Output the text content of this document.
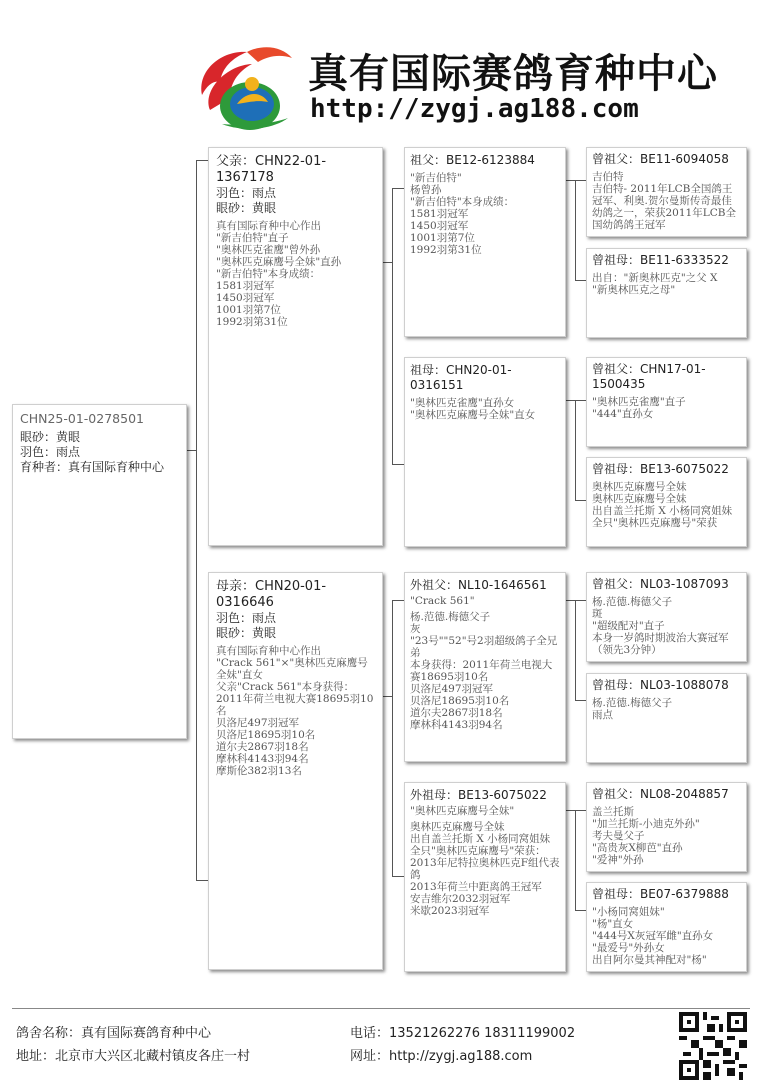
真有国际赛鸽育种中心
http://zygj.ag188.com
CHN25-01-0278501
眼砂：黄眼
羽色：雨点
育种者：真有国际育种中心
父亲：CHN22-01-1367178
羽色：雨点
眼砂：黄眼
真有国际育种中心作出
"新吉伯特"直子
"奥林匹克雀鹰"曾外孙
"奥林匹克麻鹰号全妹"直孙
"新吉伯特"本身成绩：
1581羽冠军
1450羽冠军
1001羽第7位
1992羽第31位
母亲：CHN20-01-0316646
羽色：雨点
眼砂：黄眼
真有国际育种中心作出
"Crack 561"×"奥林匹克麻鹰号全妹"直女
父亲"Crack 561"本身获得：
2011年荷兰电视大赛18695羽10名
贝洛尼497羽冠军
贝洛尼18695羽10名
道尔夫2867羽18名
摩林科4143羽94名
摩斯伦382羽13名
祖父：BE12-6123884
"新吉伯特"
杨曾孙
"新吉伯特"本身成绩：
1581羽冠军
1450羽冠军
1001羽第7位
1992羽第31位
祖母：CHN20-01-0316151
"奥林匹克雀鹰"直孙女
"奥林匹克麻鹰号全妹"直女
外祖父：NL10-1646561
"Crack 561"
杨.范德.梅德父子
灰
"23号""52"号2羽超级鸽子全兄弟
本身获得：2011年荷兰电视大赛18695羽10名
贝洛尼497羽冠军
贝洛尼18695羽10名
道尔夫2867羽18名
摩林科4143羽94名
外祖母：BE13-6075022
"奥林匹克麻鹰号全妹"
奥林匹克麻鹰号全妹
出自盖兰托斯 X 小杨同窝姐妹
全只"奥林匹克麻鹰号"荣获：
2013年尼特拉奥林匹克F组代表鸽
2013年荷兰中距离鸽王冠军
安吉维尔2032羽冠军
米歇2023羽冠军
曾祖父：BE11-6094058
吉伯特
吉伯特- 2011年LCB全国鸽王冠军、利奥.贺尔曼斯传奇最佳幼鸽之一，荣获2011年LCB全国幼鸽鸽王冠军
曾祖母：BE11-6333522
出自："新奥林匹克"之父 X
"新奥林匹克之母"
曾祖父：CHN17-01-1500435
"奥林匹克雀鹰"直子
"444"直孙女
曾祖母：BE13-6075022
奥林匹克麻鹰号全妹
奥林匹克麻鹰号全妹
出自盖兰托斯 X 小杨同窝姐妹
全只"奥林匹克麻鹰号"荣获
曾祖父：NL03-1087093
杨.范德.梅德父子
斑
"超级配对"直子
本身一岁鸽时期波治大赛冠军（领先3分钟）
曾祖母：NL03-1088078
杨.范德.梅德父子
雨点
曾祖父：NL08-2048857
盖兰托斯
"加兰托斯-小迪克外孙"
考夫曼父子
"高贵灰X柳芭"直孙
"爱神"外孙
曾祖母：BE07-6379888
"小杨同窝姐妹"
"杨"直女
"444号X灰冠军雌"直孙女
"最爱号"外孙女
出自阿尔曼其神配对"杨"
鸽舍名称：真有国际赛鸽育种中心
地址：北京市大兴区北藏村镇皮各庄一村
电话：13521262276 18311199002
网址：http://zygj.ag188.com
